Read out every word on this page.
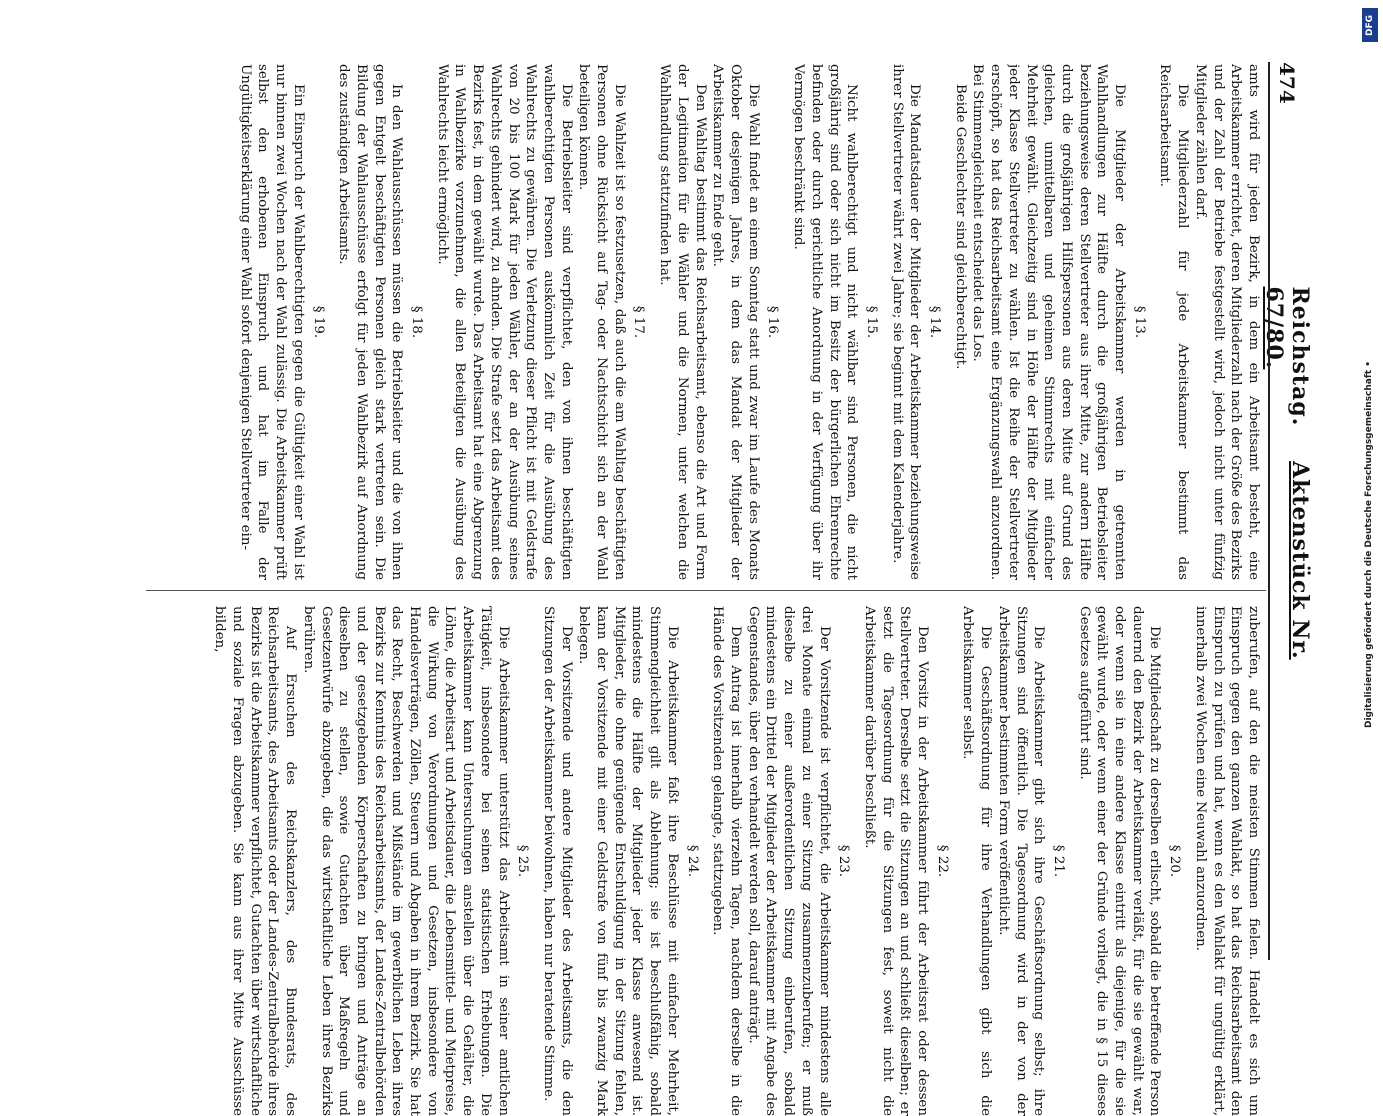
474
Reichstag.    Aktenstück Nr. 67/80.

amts wird für jeden Bezirk, in dem ein Arbeitsamt besteht, eine Arbeitskammer errichtet, deren Mitgliederzahl nach der Größe des Bezirks und der Zahl der Betriebe festgestellt wird, jedoch nicht unter fünfzig Mitglieder zählen darf.

Die Mitgliederzahl für jede Arbeitskammer bestimmt das Reichsarbeitsamt.

§ 13.

Die Mitglieder der Arbeitskammer werden in getrennten Wahlhandlungen zur Hälfte durch die großjährigen Betriebsleiter beziehungsweise deren Stellvertreter aus ihrer Mitte, zur andern Hälfte durch die großjährigen Hilfspersonen aus deren Mitte auf Grund des gleichen, unmittelbaren und geheimen Stimmrechts mit einfacher Mehrheit gewählt. Gleichzeitig sind in Höhe der Hälfte der Mitglieder jeder Klasse Stellvertreter zu wählen. Ist die Reihe der Stellvertreter erschöpft, so hat das Reichsarbeitsamt eine Ergänzungswahl anzuordnen. Bei Stimmengleichheit entscheidet das Los.

Beide Geschlechter sind gleichberechtigt.

§ 14.

Die Mandatsdauer der Mitglieder der Arbeitskammer beziehungsweise ihrer Stellvertreter währt zwei Jahre; sie beginnt mit dem Kalenderjahre.

§ 15.

Nicht wahlberechtigt und nicht wählbar sind Personen, die nicht großjährig sind oder sich nicht im Besitz der bürgerlichen Ehrenrechte befinden oder durch gerichtliche Anordnung in der Verfügung über ihr Vermögen beschränkt sind.

§ 16.

Die Wahl findet an einem Sonntag statt und zwar im Laufe des Monats Oktober desjenigen Jahres, in dem das Mandat der Mitglieder der Arbeitskammer zu Ende geht.

Den Wahltag bestimmt das Reichsarbeitsamt, ebenso die Art und Form der Legitimation für die Wähler und die Normen, unter welchen die Wahlhandlung stattzufinden hat.

§ 17.

Die Wahlzeit ist so festzusetzen, daß auch die am Wahltag beschäftigten Personen ohne Rücksicht auf Tag- oder Nachtschicht sich an der Wahl beteiligen können.

Die Betriebsleiter sind verpflichtet, den von ihnen beschäftigten wahlberechtigten Personen auskömmlich Zeit für die Ausübung des Wahlrechts zu gewähren. Die Verletzung dieser Pflicht ist mit Geldstrafe von 20 bis 100 Mark für jeden Wähler, der an der Ausübung seines Wahlrechts gehindert wird, zu ahnden. Die Strafe setzt das Arbeitsamt des Bezirks fest, in dem gewählt wurde. Das Arbeitsamt hat eine Abgrenzung in Wahlbezirke vorzunehmen, die allen Beteiligten die Ausübung des Wahlrechts leicht ermöglicht.

§ 18.

In den Wahlausschüssen müssen die Betriebsleiter und die von ihnen gegen Entgelt beschäftigten Personen gleich stark vertreten sein. Die Bildung der Wahlausschüsse erfolgt für jeden Wahlbezirk auf Anordnung des zuständigen Arbeitsamts.

§ 19.

Ein Einspruch der Wahlberechtigten gegen die Gültigkeit einer Wahl ist nur binnen zwei Wochen nach der Wahl zulässig. Die Arbeitskammer prüft selbst den erhobenen Einspruch und hat im Falle der Ungültigkeitserklärung einer Wahl sofort denjenigen Stellvertreter ein-

zuberufen, auf den die meisten Stimmen fielen. Handelt es sich um Einspruch gegen den ganzen Wahlakt, so hat das Reichsarbeitsamt den Einspruch zu prüfen und hat, wenn es den Wahlakt für ungültig erklärt, innerhalb zwei Wochen eine Neuwahl anzuordnen.

§ 20.

Die Mitgliedschaft zu derselben erlischt, sobald die betreffende Person dauernd den Bezirk der Arbeitskammer verläßt, für die sie gewählt war, oder wenn sie in eine andere Klasse eintritt als diejenige, für die sie gewählt wurde, oder wenn einer der Gründe vorliegt, die in § 15 dieses Gesetzes aufgeführt sind.

§ 21.

Die Arbeitskammer gibt sich ihre Geschäftsordnung selbst; ihre Sitzungen sind öffentlich. Die Tagesordnung wird in der von der Arbeitskammer bestimmten Form veröffentlicht.

Die Geschäftsordnung für ihre Verhandlungen gibt sich die Arbeitskammer selbst.

§ 22.

Den Vorsitz in der Arbeitskammer führt der Arbeitsrat oder dessen Stellvertreter. Derselbe setzt die Sitzungen an und schließt dieselben; er setzt die Tagesordnung für die Sitzungen fest, soweit nicht die Arbeitskammer darüber beschließt.

§ 23.

Der Vorsitzende ist verpflichtet, die Arbeitskammer mindestens alle drei Monate einmal zu einer Sitzung zusammenzuberufen; er muß dieselbe zu einer außerordentlichen Sitzung einberufen, sobald mindestens ein Drittel der Mitglieder der Arbeitskammer mit Angabe des Gegenstandes, über den verhandelt werden soll, darauf anträgt.

Dem Antrag ist innerhalb vierzehn Tagen, nachdem derselbe in die Hände des Vorsitzenden gelangte, stattzugeben.

§ 24.

Die Arbeitskammer faßt ihre Beschlüsse mit einfacher Mehrheit, Stimmengleichheit gilt als Ablehnung; sie ist beschlußfähig, sobald mindestens die Hälfte der Mitglieder jeder Klasse anwesend ist. Mitglieder, die ohne genügende Entschuldigung in der Sitzung fehlen, kann der Vorsitzende mit einer Geldstrafe von fünf bis zwanzig Mark belegen.

Der Vorsitzende und andere Mitglieder des Arbeitsamts, die den Sitzungen der Arbeitskammer beiwohnen, haben nur beratende Stimme.

§ 25.

Die Arbeitskammer unterstützt das Arbeitsamt in seiner amtlichen Tätigkeit, insbesondere bei seinen statistischen Erhebungen. Die Arbeitskammer kann Untersuchungen anstellen über die Gehälter, die Löhne, die Arbeitsart und Arbeitsdauer, die Lebensmittel- und Mietpreise, die Wirkung von Verordnungen und Gesetzen, insbesondere von Handelsverträgen, Zöllen, Steuern und Abgaben in ihrem Bezirk. Sie hat das Recht, Beschwerden und Mißstände im gewerblichen Leben ihres Bezirks zur Kenntnis des Reichsarbeitsamts, der Landes-Zentralbehörden und der gesetzgebenden Körperschaften zu bringen und Anträge an dieselben zu stellen, sowie Gutachten über Maßregeln und Gesetzentwürfe abzugeben, die das wirtschaftliche Leben ihres Bezirks berühren.

Auf Ersuchen des Reichskanzlers, des Bundesrats, des Reichsarbeitsamts, des Arbeitsamts oder der Landes-Zentralbehörde ihres Bezirks ist die Arbeitskammer verpflichtet, Gutachten über wirtschaftliche und soziale Fragen abzugeben. Sie kann aus ihrer Mitte Ausschüsse bilden,

DFG
Digitalisierung gefördert durch die Deutsche Forschungsgemeinschaft •
